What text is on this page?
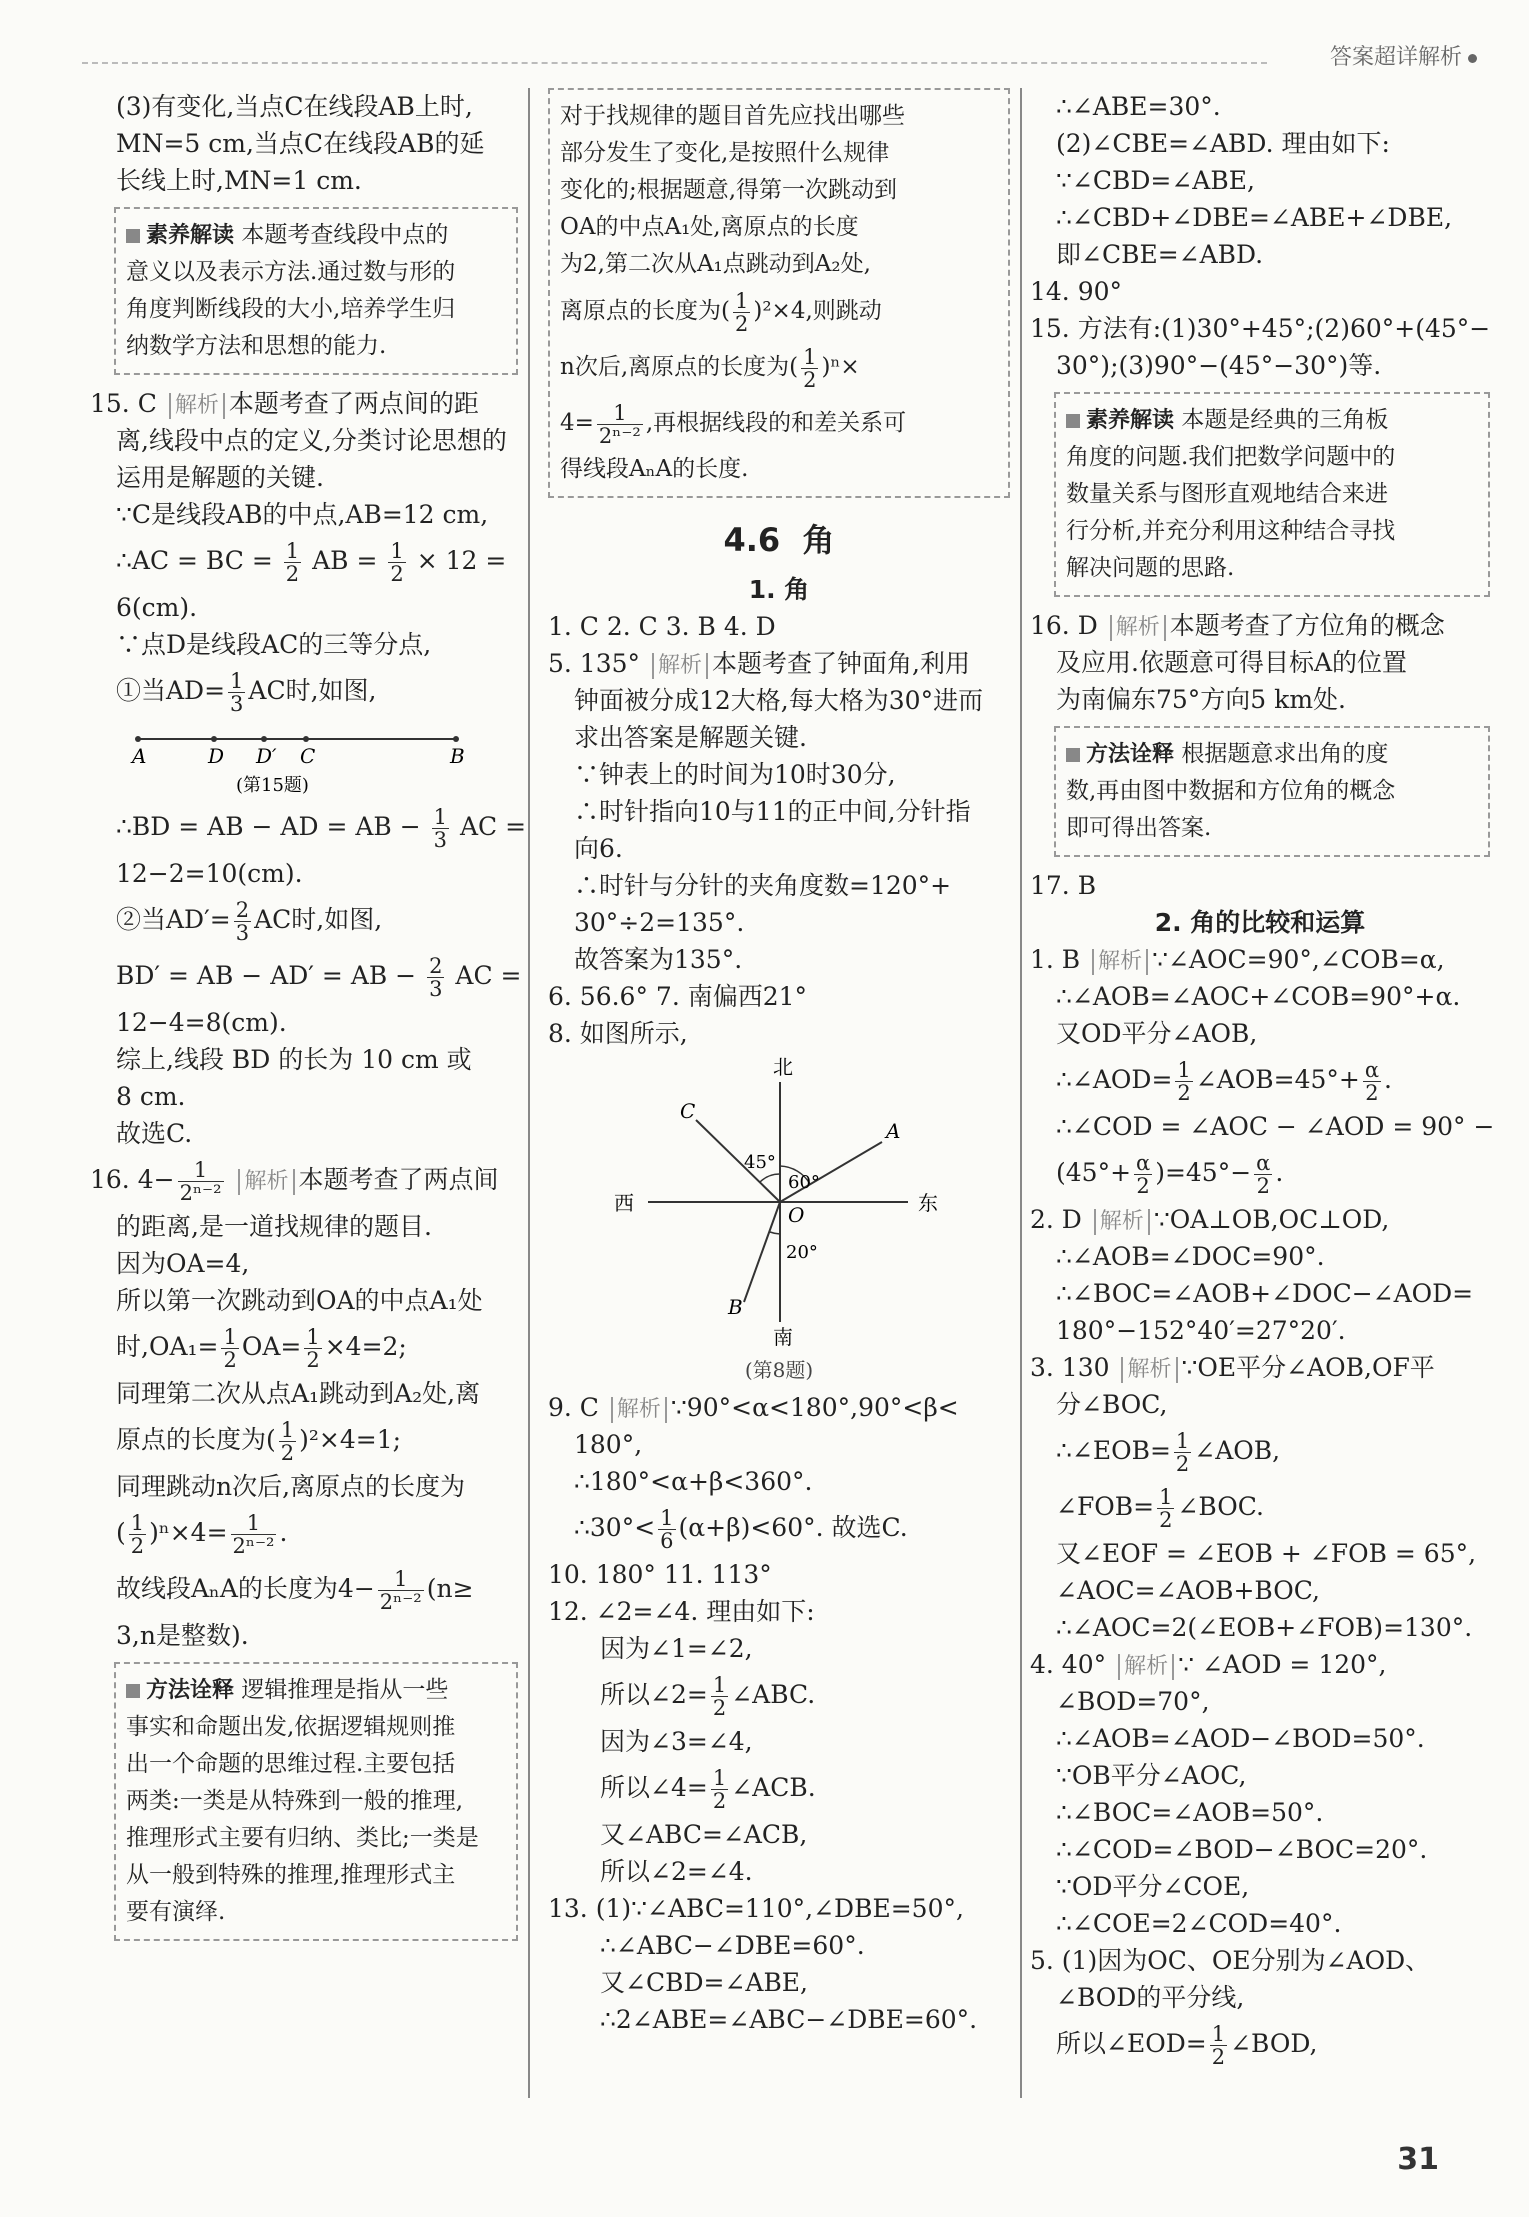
答案超详解析
(3)有变化,当点C在线段AB上时,
MN=5 cm,当点C在线段AB的延
长线上时,MN=1 cm.
素养解读 本题考查线段中点的
意义以及表示方法.通过数与形的
角度判断线段的大小,培养学生归
纳数学方法和思想的能力.
15. C 解析 本题考查了两点间的距
离,线段中点的定义,分类讨论思想的
运用是解题的关键.
∵C是线段AB的中点,AB=12 cm,
∴AC = BC = $\frac{1}{2}$ AB = $\frac{1}{2} \times 12$ =
6(cm).
∵点D是线段AC的三等分点,
①当$AD= \frac{1}{3}$ AC时,如图,
A	D D′ C	B
(第15题)
∴BD = AB − AD = AB − $\frac{1}{3}$ AC =
12−2=10(cm).
②当$AD'= \frac{2}{3}$ AC时,如图,
BD′ = AB − AD′ = AB − $\frac{2}{3}$ AC =
12−4=8(cm).
综上,线段 BD 的长为 10 cm 或
8 cm.
故选C.
16. $4- \frac{1}{\text{2ⁿ⁻²}}$ 解析 本题考查了两点间
的距离,是一道找规律的题目.
因为OA=4,
所以第一次跳动到OA的中点A₁处
时$,OA_1= \frac{1}{2} OA= \frac{1}{2} \times 4=2$;
同理第二次从点A₁跳动到A₂处,离
原点的长度为( $\frac{1}{2} )^2\times 4=1$;
同理跳动n次后,离原点的长度为
( $\frac{1}{2} )^n\times 4= \frac{1}{\text{2ⁿ⁻²}}$ .
故线段AₙA的长度为$4- \frac{1}{\text{2ⁿ⁻²}} (n\ge$
3,n是整数).
方法诠释 逻辑推理是指从一些
事实和命题出发,依据逻辑规则推
出一个命题的思维过程.主要包括
两类:一类是从特殊到一般的推理,
推理形式主要有归纳、类比;一类是
从一般到特殊的推理,推理形式主
要有演绎.
对于找规律的题目首先应找出哪些
部分发生了变化,是按照什么规律
变化的;根据题意,得第一次跳动到
OA的中点A₁处,离原点的长度
为2,第二次从A₁点跳动到A₂处,
离原点的长度为( $\frac{1}{2} )^2\times 4$,则跳动
n次后,离原点的长度为( $\frac{1}{2} )^n\times$
$4= \frac{1}{\text{2ⁿ⁻²}}$ ,再根据线段的和差关系可
得线段AₙA的长度.
4.6 角
1. 角
1. C 2. C 3. B 4. D
5. 135° 解析 本题考查了钟面角,利用
钟面被分成12大格,每大格为30°进而
求出答案是解题关键.
∵钟表上的时间为10时30分,
∴时针指向10与11的正中间,分针指
向6.
∴时针与分针的夹角度数=120°+
30°÷2=135°.
故答案为135°.
6. 56.6° 7. 南偏西21°
8. 如图所示,
北
南
西	东
O
A
C
B
45°
60°
20°
(第8题)
9. C 解析 ∵90°<α<180°,90°<β<
180°,
∴180°<α+β<360°.
∴30°< $\frac{1}{6} (\alpha+\beta)<60^\circ$. 故选C.
10. 180° 11. 113°
12. ∠2=∠4. 理由如下:
因为∠1=∠2,
所以∠2= $\frac{1}{2}$ ∠ABC.
因为∠3=∠4,
所以∠4= $\frac{1}{2}$ ∠ACB.
又∠ABC=∠ACB,
所以∠2=∠4.
13. (1)∵∠ABC=110°,∠DBE=50°,
∴∠ABC−∠DBE=60°.
又∠CBD=∠ABE,
∴2∠ABE=∠ABC−∠DBE=60°.
∴∠ABE=30°.
(2)∠CBE=∠ABD. 理由如下:
∵∠CBD=∠ABE,
∴∠CBD+∠DBE=∠ABE+∠DBE,
即∠CBE=∠ABD.
14. 90°
15. 方法有:(1)30°+45°;(2)60°+(45°−
30°);(3)90°−(45°−30°)等.
素养解读 本题是经典的三角板
角度的问题.我们把数学问题中的
数量关系与图形直观地结合来进
行分析,并充分利用这种结合寻找
解决问题的思路.
16. D 解析 本题考查了方位角的概念
及应用.依题意可得目标A的位置
为南偏东75°方向5 km处.
方法诠释 根据题意求出角的度
数,再由图中数据和方位角的概念
即可得出答案.
17. B
2. 角的比较和运算
1. B 解析 ∵∠AOC=90°,∠COB=α,
∴∠AOB=∠AOC+∠COB=90°+α.
又OD平分∠AOB,
∴∠AOD= $\frac{1}{2}$ ∠AOB=45°+ $\frac{\alpha}{2}$ .
∴∠COD = ∠AOC − ∠AOD = 90° −
$(45^\circ+ \frac{\alpha}{2} )=45^\circ- \frac{\alpha}{2}$ .
2. D 解析 ∵OA⊥OB,OC⊥OD,
∴∠AOB=∠DOC=90°.
∴∠BOC=∠AOB+∠DOC−∠AOD=
180°−152°40′=27°20′.
3. 130 解析 ∵OE平分∠AOB,OF平
分∠BOC,
∴∠EOB= $\frac{1}{2}$ ∠AOB,
∠FOB= $\frac{1}{2}$ ∠BOC.
又∠EOF = ∠EOB + ∠FOB = 65°,
∠AOC=∠AOB+BOC,
∴∠AOC=2(∠EOB+∠FOB)=130°.
4. 40° 解析 ∵ ∠AOD = 120°,
∠BOD=70°,
∴∠AOB=∠AOD−∠BOD=50°.
∵OB平分∠AOC,
∴∠BOC=∠AOB=50°.
∴∠COD=∠BOD−∠BOC=20°.
∵OD平分∠COE,
∴∠COE=2∠COD=40°.
5. (1)因为OC、OE分别为∠AOD、
∠BOD的平分线,
所以∠EOD= $\frac{1}{2}$ ∠BOD,
31
